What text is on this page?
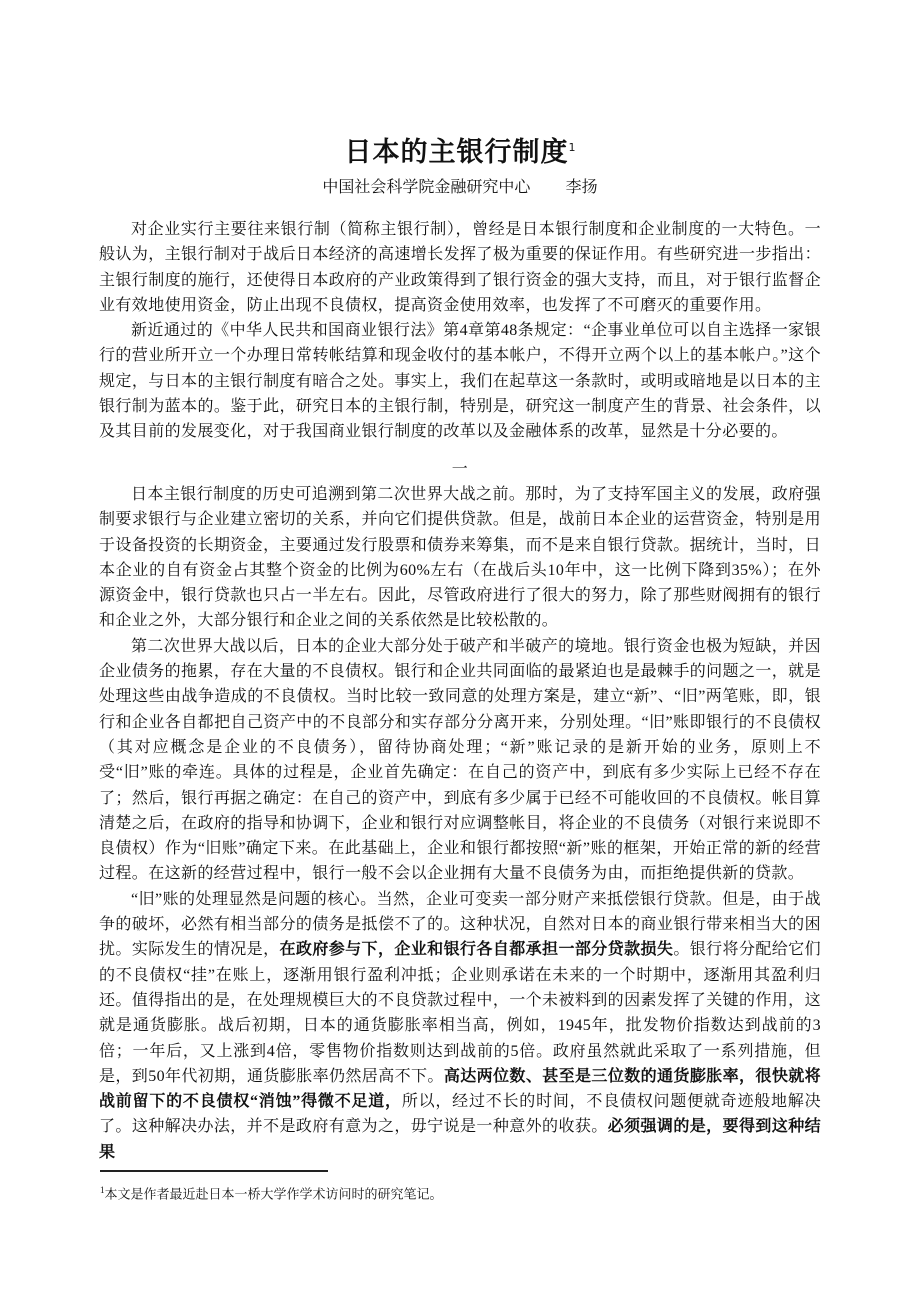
日本的主银行制度$^1$
中国社会科学院金融研究中心 李扬

对企业实行主要往来银行制（简称主银行制），曾经是日本银行制度和企业制度的一大特色。一般认为，主银行制对于战后日本经济的高速增长发挥了极为重要的保证作用。有些研究进一步指出：主银行制度的施行，还使得日本政府的产业政策得到了银行资金的强大支持，而且，对于银行监督企业有效地使用资金，防止出现不良债权，提高资金使用效率，也发挥了不可磨灭的重要作用。

新近通过的《中华人民共和国商业银行法》第4章第48条规定：“企事业单位可以自主选择一家银行的营业所开立一个办理日常转帐结算和现金收付的基本帐户，不得开立两个以上的基本帐户。”这个规定，与日本的主银行制度有暗合之处。事实上，我们在起草这一条款时，或明或暗地是以日本的主银行制为蓝本的。鉴于此，研究日本的主银行制，特别是，研究这一制度产生的背景、社会条件，以及其目前的发展变化，对于我国商业银行制度的改革以及金融体系的改革，显然是十分必要的。

一

日本主银行制度的历史可追溯到第二次世界大战之前。那时，为了支持军国主义的发展，政府强制要求银行与企业建立密切的关系，并向它们提供贷款。但是，战前日本企业的运营资金，特别是用于设备投资的长期资金，主要通过发行股票和债券来筹集，而不是来自银行贷款。据统计，当时，日本企业的自有资金占其整个资金的比例为60%左右（在战后头10年中，这一比例下降到35%）；在外源资金中，银行贷款也只占一半左右。因此，尽管政府进行了很大的努力，除了那些财阀拥有的银行和企业之外，大部分银行和企业之间的关系依然是比较松散的。

第二次世界大战以后，日本的企业大部分处于破产和半破产的境地。银行资金也极为短缺，并因企业债务的拖累，存在大量的不良债权。银行和企业共同面临的最紧迫也是最棘手的问题之一，就是处理这些由战争造成的不良债权。当时比较一致同意的处理方案是，建立“新”、“旧”两笔账，即，银行和企业各自都把自己资产中的不良部分和实存部分分离开来，分别处理。“旧”账即银行的不良债权（其对应概念是企业的不良债务），留待协商处理；“新”账记录的是新开始的业务，原则上不受“旧”账的牵连。具体的过程是，企业首先确定：在自己的资产中，到底有多少实际上已经不存在了；然后，银行再据之确定：在自己的资产中，到底有多少属于已经不可能收回的不良债权。帐目算清楚之后，在政府的指导和协调下，企业和银行对应调整帐目，将企业的不良债务（对银行来说即不良债权）作为“旧账”确定下来。在此基础上，企业和银行都按照“新”账的框架，开始正常的新的经营过程。在这新的经营过程中，银行一般不会以企业拥有大量不良债务为由，而拒绝提供新的贷款。

“旧”账的处理显然是问题的核心。当然，企业可变卖一部分财产来抵偿银行贷款。但是，由于战争的破坏，必然有相当部分的债务是抵偿不了的。这种状况，自然对日本的商业银行带来相当大的困扰。实际发生的情况是，在政府参与下，企业和银行各自都承担一部分贷款损失。银行将分配给它们的不良债权“挂”在账上，逐渐用银行盈利冲抵；企业则承诺在未来的一个时期中，逐渐用其盈利归还。值得指出的是，在处理规模巨大的不良贷款过程中，一个未被料到的因素发挥了关键的作用，这就是通货膨胀。战后初期，日本的通货膨胀率相当高，例如，1945年，批发物价指数达到战前的3倍；一年后，又上涨到4倍，零售物价指数则达到战前的5倍。政府虽然就此采取了一系列措施，但是，到50年代初期，通货膨胀率仍然居高不下。高达两位数、甚至是三位数的通货膨胀率，很快就将战前留下的不良债权“消蚀”得微不足道，所以，经过不长的时间，不良债权问题便就奇迹般地解决了。这种解决办法，并不是政府有意为之，毋宁说是一种意外的收获。必须强调的是，要得到这种结果

$^1$本文是作者最近赴日本一桥大学作学术访问时的研究笔记。
